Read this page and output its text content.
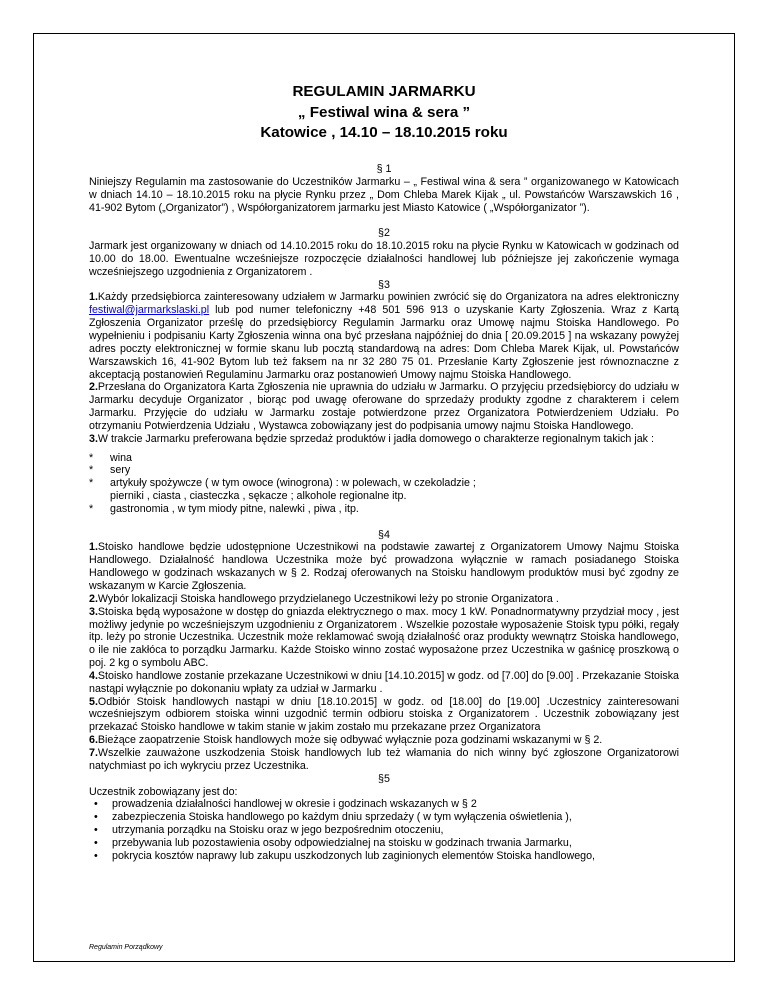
REGULAMIN JARMARKU
„ Festiwal wina & sera ”
Katowice , 14.10 – 18.10.2015 roku

§ 1

Niniejszy Regulamin ma zastosowanie do Uczestników Jarmarku – „ Festiwal wina & sera ” organizowanego w Katowicach w dniach 14.10 – 18.10.2015 roku na płycie Rynku przez „ Dom Chleba Marek Kijak „ ul. Powstańców Warszawskich 16 , 41-902 Bytom („Organizator”) , Współorganizatorem jarmarku jest Miasto Katowice ( „Współorganizator ”).

§2

Jarmark jest organizowany w dniach od 14.10.2015 roku do 18.10.2015 roku na płycie Rynku w Katowicach w godzinach od 10.00 do 18.00. Ewentualne wcześniejsze rozpoczęcie działalności handlowej lub późniejsze jej zakończenie wymaga wcześniejszego uzgodnienia z Organizatorem .

§3

1.Każdy przedsiębiorca zainteresowany udziałem w Jarmarku powinien zwrócić się do Organizatora na adres elektroniczny festiwal@jarmarkslaski.pl lub pod numer telefoniczny +48 501 596 913 o uzyskanie Karty Zgłoszenia. Wraz z Kartą Zgłoszenia Organizator prześlę do przedsiębiorcy Regulamin Jarmarku oraz Umowę najmu Stoiska Handlowego. Po wypełnieniu i podpisaniu Karty Zgłoszenia winna ona być przesłana najpóźniej do dnia [ 20.09.2015 ] na wskazany powyżej adres poczty elektronicznej w formie skanu lub pocztą standardową na adres: Dom Chleba Marek Kijak, ul. Powstańców Warszawskich 16, 41-902 Bytom lub też faksem na nr 32 280 75 01. Przesłanie Karty Zgłoszenie jest równoznaczne z akceptacją postanowień Regulaminu Jarmarku oraz postanowień Umowy najmu Stoiska Handlowego.

2.Przesłana do Organizatora Karta Zgłoszenia nie uprawnia do udziału w Jarmarku. O przyjęciu przedsiębiorcy do udziału w Jarmarku decyduje Organizator , biorąc pod uwagę oferowane do sprzedaży produkty zgodne z charakterem i celem Jarmarku. Przyjęcie do udziału w Jarmarku zostaje potwierdzone przez Organizatora Potwierdzeniem Udziału. Po otrzymaniu Potwierdzenia Udziału , Wystawca zobowiązany jest do podpisania umowy najmu Stoiska Handlowego.

3.W trakcie Jarmarku preferowana będzie sprzedaż produktów i jadła domowego o charakterze regionalnym takich jak :

*	wina
*	sery
*	artykuły spożywcze ( w tym owoce (winogrona) : w polewach, w czekoladzie ;
pierniki , ciasta , ciasteczka , sękacze ; alkohole regionalne itp.
*	gastronomia , w tym miody pitne, nalewki , piwa , itp.

§4

1.Stoisko handlowe będzie udostępnione Uczestnikowi na podstawie zawartej z Organizatorem Umowy Najmu Stoiska Handlowego. Działalność handlowa Uczestnika może być prowadzona wyłącznie w ramach posiadanego Stoiska Handlowego w godzinach wskazanych w § 2. Rodzaj oferowanych na Stoisku handlowym produktów musi być zgodny ze wskazanym w Karcie Zgłoszenia.

2.Wybór lokalizacji Stoiska handlowego przydzielanego Uczestnikowi leży po stronie Organizatora .

3.Stoiska będą wyposażone w dostęp do gniazda elektrycznego o max. mocy 1 kW. Ponadnormatywny przydział mocy , jest możliwy jedynie po wcześniejszym uzgodnieniu z Organizatorem . Wszelkie pozostałe wyposażenie Stoisk typu półki, regały itp. leży po stronie Uczestnika. Uczestnik może reklamować swoją działalność oraz produkty wewnątrz Stoiska handlowego, o ile nie zakłóca to porządku Jarmarku. Każde Stoisko winno zostać wyposażone przez Uczestnika w gaśnicę proszkową o poj. 2 kg o symbolu ABC.

4.Stoisko handlowe zostanie przekazane Uczestnikowi w dniu [14.10.2015] w godz. od [7.00] do [9.00] . Przekazanie Stoiska nastąpi wyłącznie po dokonaniu wpłaty za udział w Jarmarku .

5.Odbiór Stoisk handlowych nastąpi w dniu [18.10.2015] w godz. od [18.00] do [19.00] .Uczestnicy zainteresowani wcześniejszym odbiorem stoiska winni uzgodnić termin odbioru stoiska z Organizatorem . Uczestnik zobowiązany jest przekazać Stoisko handlowe w takim stanie w jakim zostało mu przekazane przez Organizatora

6.Bieżące zaopatrzenie Stoisk handlowych może się odbywać wyłącznie poza godzinami wskazanymi w § 2.

7.Wszelkie zauważone uszkodzenia Stoisk handlowych lub też włamania do nich winny być zgłoszone Organizatorowi natychmiast po ich wykryciu przez Uczestnika.

§5

Uczestnik zobowiązany jest do:

• prowadzenia działalności handlowej w okresie i godzinach wskazanych w § 2
• zabezpieczenia Stoiska handlowego po każdym dniu sprzedaży ( w tym wyłączenia oświetlenia ),
• utrzymania porządku na Stoisku oraz w jego bezpośrednim otoczeniu,
• przebywania lub pozostawienia osoby odpowiedzialnej na stoisku w godzinach trwania Jarmarku,
• pokrycia kosztów naprawy lub zakupu uszkodzonych lub zaginionych elementów Stoiska handlowego,
Regulamin Porządkowy
